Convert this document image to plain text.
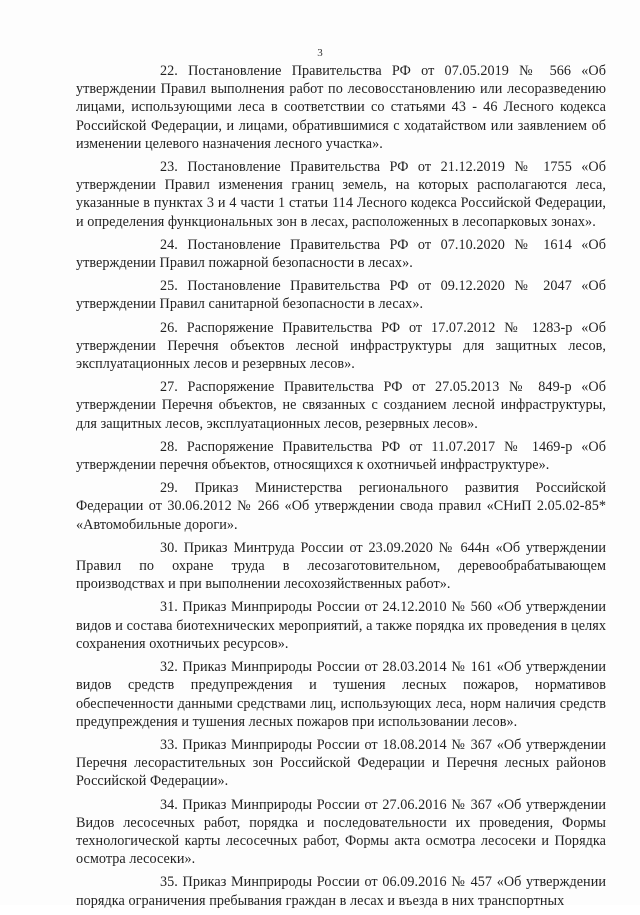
3

22. Постановление Правительства РФ от 07.05.2019 № 566 «Об утверждении Правил выполнения работ по лесовосстановлению или лесоразведению лицами, использующими леса в соответствии со статьями 43 - 46 Лесного кодекса Российской Федерации, и лицами, обратившимися с ходатайством или заявлением об изменении целевого назначения лесного участка».

23. Постановление Правительства РФ от 21.12.2019 № 1755 «Об утверждении Правил изменения границ земель, на которых располагаются леса, указанные в пунктах 3 и 4 части 1 статьи 114 Лесного кодекса Российской Федерации, и определения функциональных зон в лесах, расположенных в лесопарковых зонах».

24. Постановление Правительства РФ от 07.10.2020 № 1614 «Об утверждении Правил пожарной безопасности в лесах».

25. Постановление Правительства РФ от 09.12.2020 № 2047 «Об утверждении Правил санитарной безопасности в лесах».

26. Распоряжение Правительства РФ от 17.07.2012 № 1283-р «Об утверждении Перечня объектов лесной инфраструктуры для защитных лесов, эксплуатационных лесов и резервных лесов».

27. Распоряжение Правительства РФ от 27.05.2013 № 849-р «Об утверждении Перечня объектов, не связанных с созданием лесной инфраструктуры, для защитных лесов, эксплуатационных лесов, резервных лесов».

28. Распоряжение Правительства РФ от 11.07.2017 № 1469-р «Об утверждении перечня объектов, относящихся к охотничьей инфраструктуре».

29. Приказ Министерства регионального развития Российской Федерации от 30.06.2012 № 266 «Об утверждении свода правил «СНиП 2.05.02-85* «Автомобильные дороги».

30. Приказ Минтруда России от 23.09.2020 № 644н «Об утверждении Правил по охране труда в лесозаготовительном, деревообрабатывающем производствах и при выполнении лесохозяйственных работ».

31. Приказ Минприроды России от 24.12.2010 № 560 «Об утверждении видов и состава биотехнических мероприятий, а также порядка их проведения в целях сохранения охотничьих ресурсов».

32. Приказ Минприроды России от 28.03.2014 № 161 «Об утверждении видов средств предупреждения и тушения лесных пожаров, нормативов обеспеченности данными средствами лиц, использующих леса, норм наличия средств предупреждения и тушения лесных пожаров при использовании лесов».

33. Приказ Минприроды России от 18.08.2014 № 367 «Об утверждении Перечня лесорастительных зон Российской Федерации и Перечня лесных районов Российской Федерации».

34. Приказ Минприроды России от 27.06.2016 № 367 «Об утверждении Видов лесосечных работ, порядка и последовательности их проведения, Формы технологической карты лесосечных работ, Формы акта осмотра лесосеки и Порядка осмотра лесосеки».

35. Приказ Минприроды России от 06.09.2016 № 457 «Об утверждении порядка ограничения пребывания граждан в лесах и въезда в них транспортных
